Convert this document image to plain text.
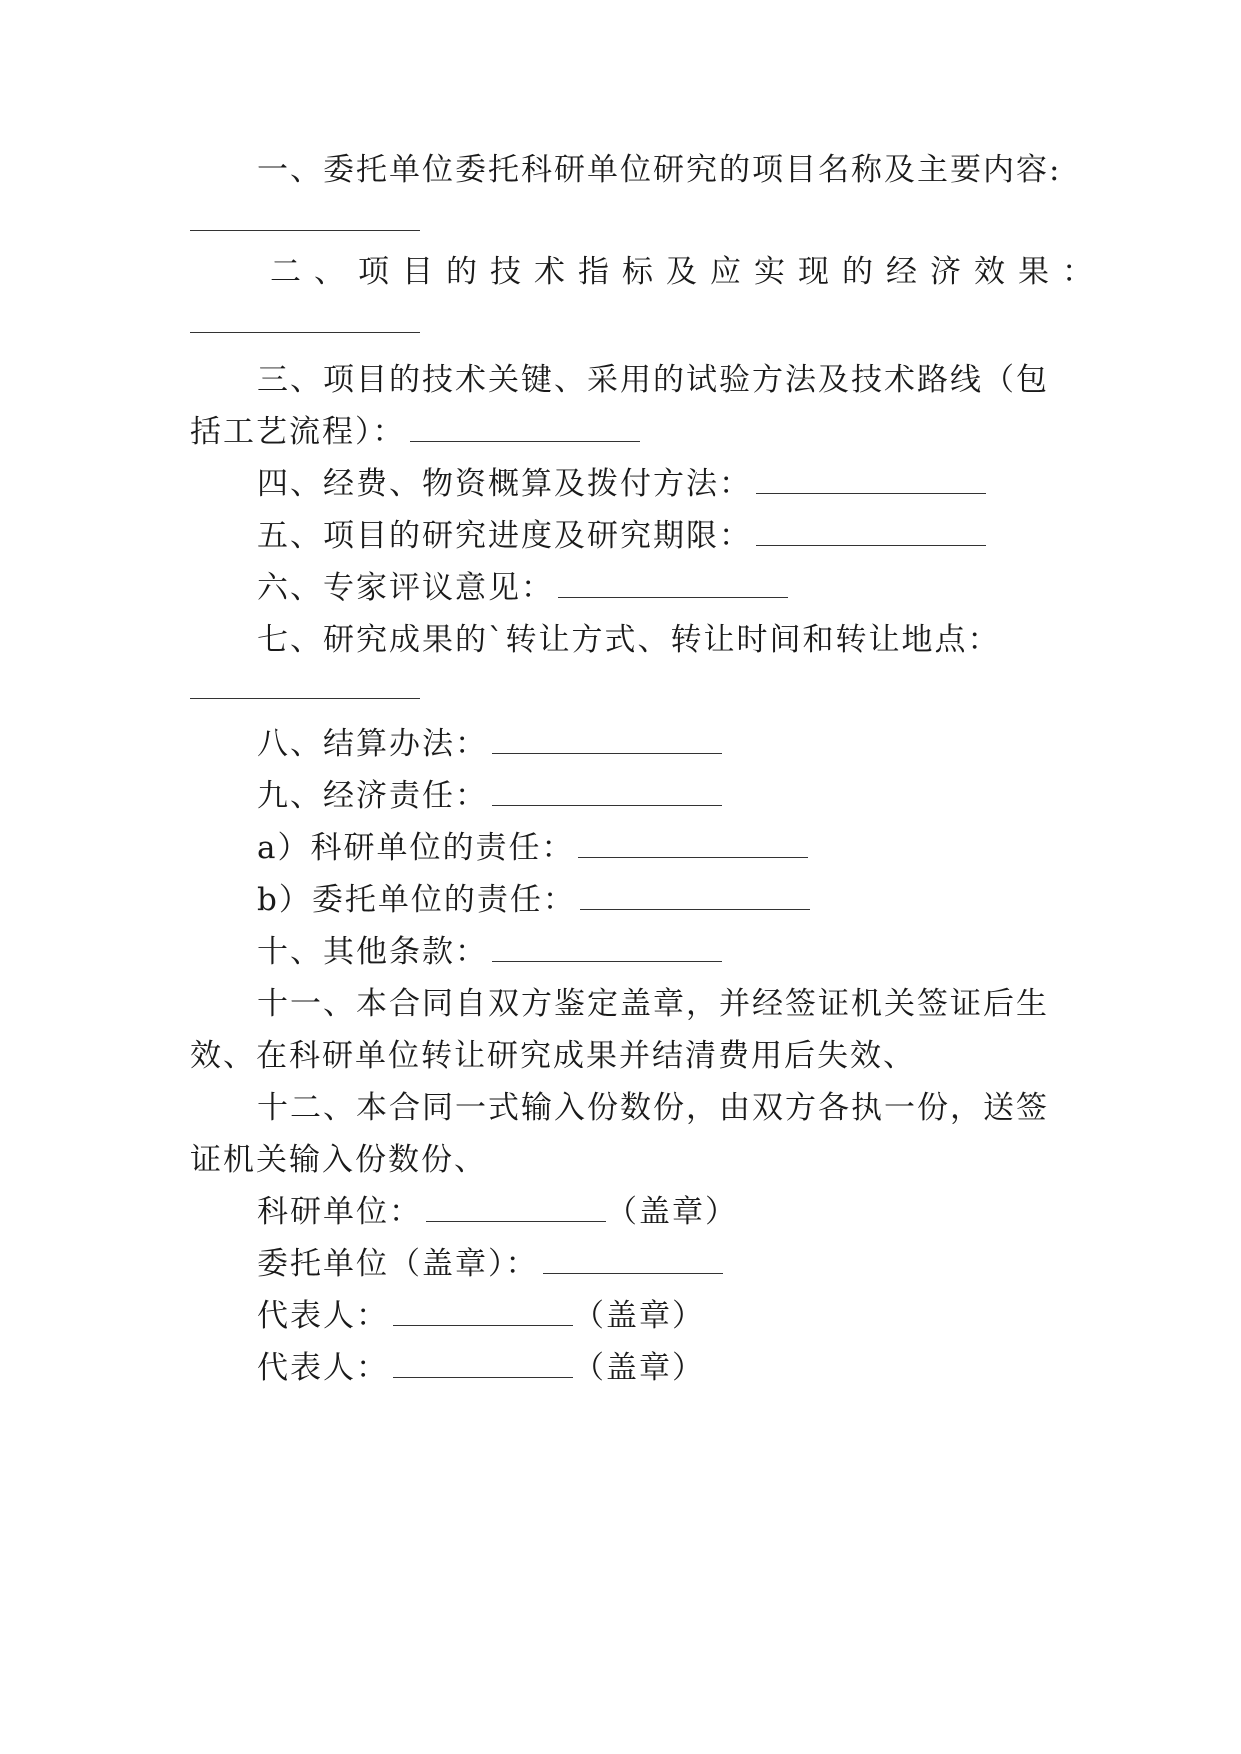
一、委托单位委托科研单位研究的项目名称及主要内容:
二、项目的技术指标及应实现的经济效果：
三、项目的技术关键、采用的试验方法及技术路线（包
括工艺流程）：
四、经费、物资概算及拨付方法：
五、项目的研究进度及研究期限：
六、专家评议意见：
七、研究成果的`转让方式、转让时间和转让地点：
八、结算办法：
九、经济责任：
a）科研单位的责任：
b）委托单位的责任：
十、其他条款：
十一、本合同自双方鉴定盖章，并经签证机关签证后生
效、在科研单位转让研究成果并结清费用后失效、
十二、本合同一式输入份数份，由双方各执一份，送签
证机关输入份数份、
科研单位：	（盖章）
委托单位（盖章）：
代表人：	（盖章）
代表人：	（盖章）
